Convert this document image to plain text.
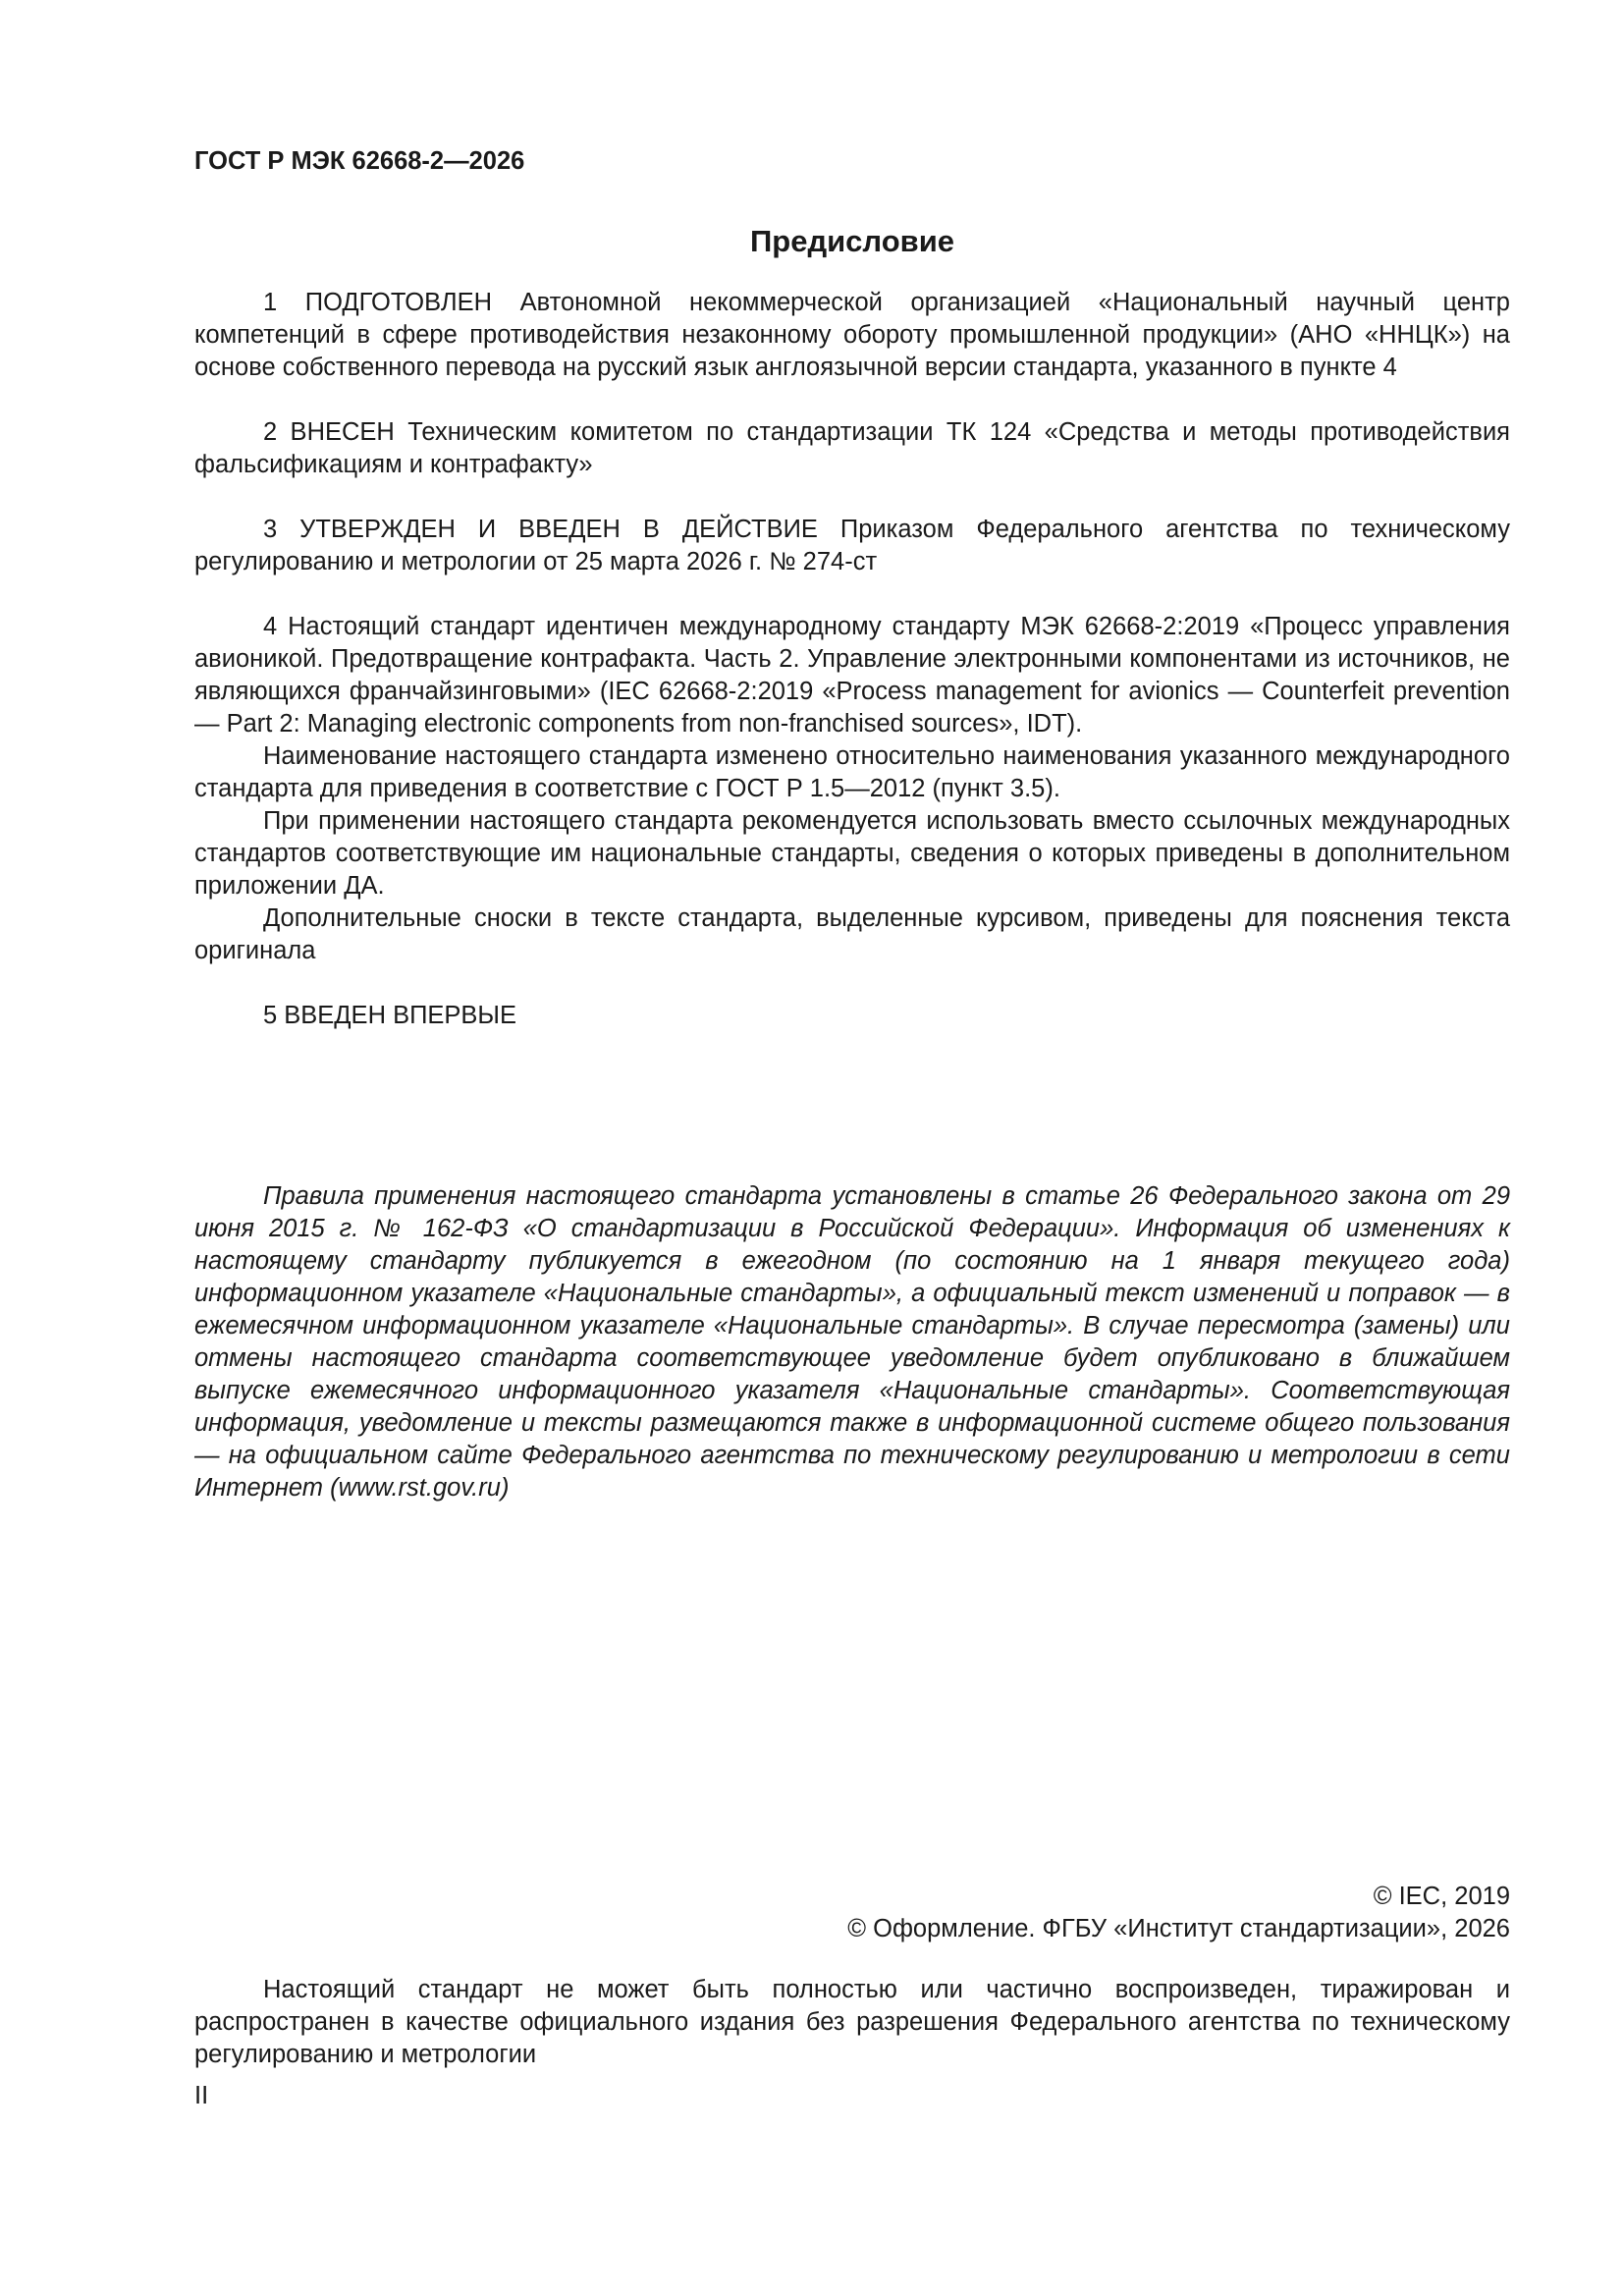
ГОСТ Р МЭК 62668-2—2026
Предисловие

1 ПОДГОТОВЛЕН Автономной некоммерческой организацией «Национальный научный центр компетенций в сфере противодействия незаконному обороту промышленной продукции» (АНО «ННЦК») на основе собственного перевода на русский язык англоязычной версии стандарта, указанного в пункте 4

2 ВНЕСЕН Техническим комитетом по стандартизации ТК 124 «Средства и методы противодействия фальсификациям и контрафакту»

3 УТВЕРЖДЕН И ВВЕДЕН В ДЕЙСТВИЕ Приказом Федерального агентства по техническому регулированию и метрологии от 25 марта 2026 г. № 274-ст

4 Настоящий стандарт идентичен международному стандарту МЭК 62668-2:2019 «Процесс управления авионикой. Предотвращение контрафакта. Часть 2. Управление электронными компонентами из источников, не являющихся франчайзинговыми» (IEC 62668-2:2019 «Process management for avionics — Counterfeit prevention — Part 2: Managing electronic components from non-franchised sources», IDT).

Наименование настоящего стандарта изменено относительно наименования указанного международного стандарта для приведения в соответствие с ГОСТ Р 1.5—2012 (пункт 3.5).

При применении настоящего стандарта рекомендуется использовать вместо ссылочных международных стандартов соответствующие им национальные стандарты, сведения о которых приведены в дополнительном приложении ДА.

Дополнительные сноски в тексте стандарта, выделенные курсивом, приведены для пояснения текста оригинала

5 ВВЕДЕН ВПЕРВЫЕ

Правила применения настоящего стандарта установлены в статье 26 Федерального закона от 29 июня 2015 г. № 162-ФЗ «О стандартизации в Российской Федерации». Информация об изменениях к настоящему стандарту публикуется в ежегодном (по состоянию на 1 января текущего года) информационном указателе «Национальные стандарты», а официальный текст изменений и поправок — в ежемесячном информационном указателе «Национальные стандарты». В случае пересмотра (замены) или отмены настоящего стандарта соответствующее уведомление будет опубликовано в ближайшем выпуске ежемесячного информационного указателя «Национальные стандарты». Соответствующая информация, уведомление и тексты размещаются также в информационной системе общего пользования — на официальном сайте Федерального агентства по техническому регулированию и метрологии в сети Интернет (www.rst.gov.ru)

© IEC, 2019
© Оформление. ФГБУ «Институт стандартизации», 2026

Настоящий стандарт не может быть полностью или частично воспроизведен, тиражирован и распространен в качестве официального издания без разрешения Федерального агентства по техническому регулированию и метрологии

II
